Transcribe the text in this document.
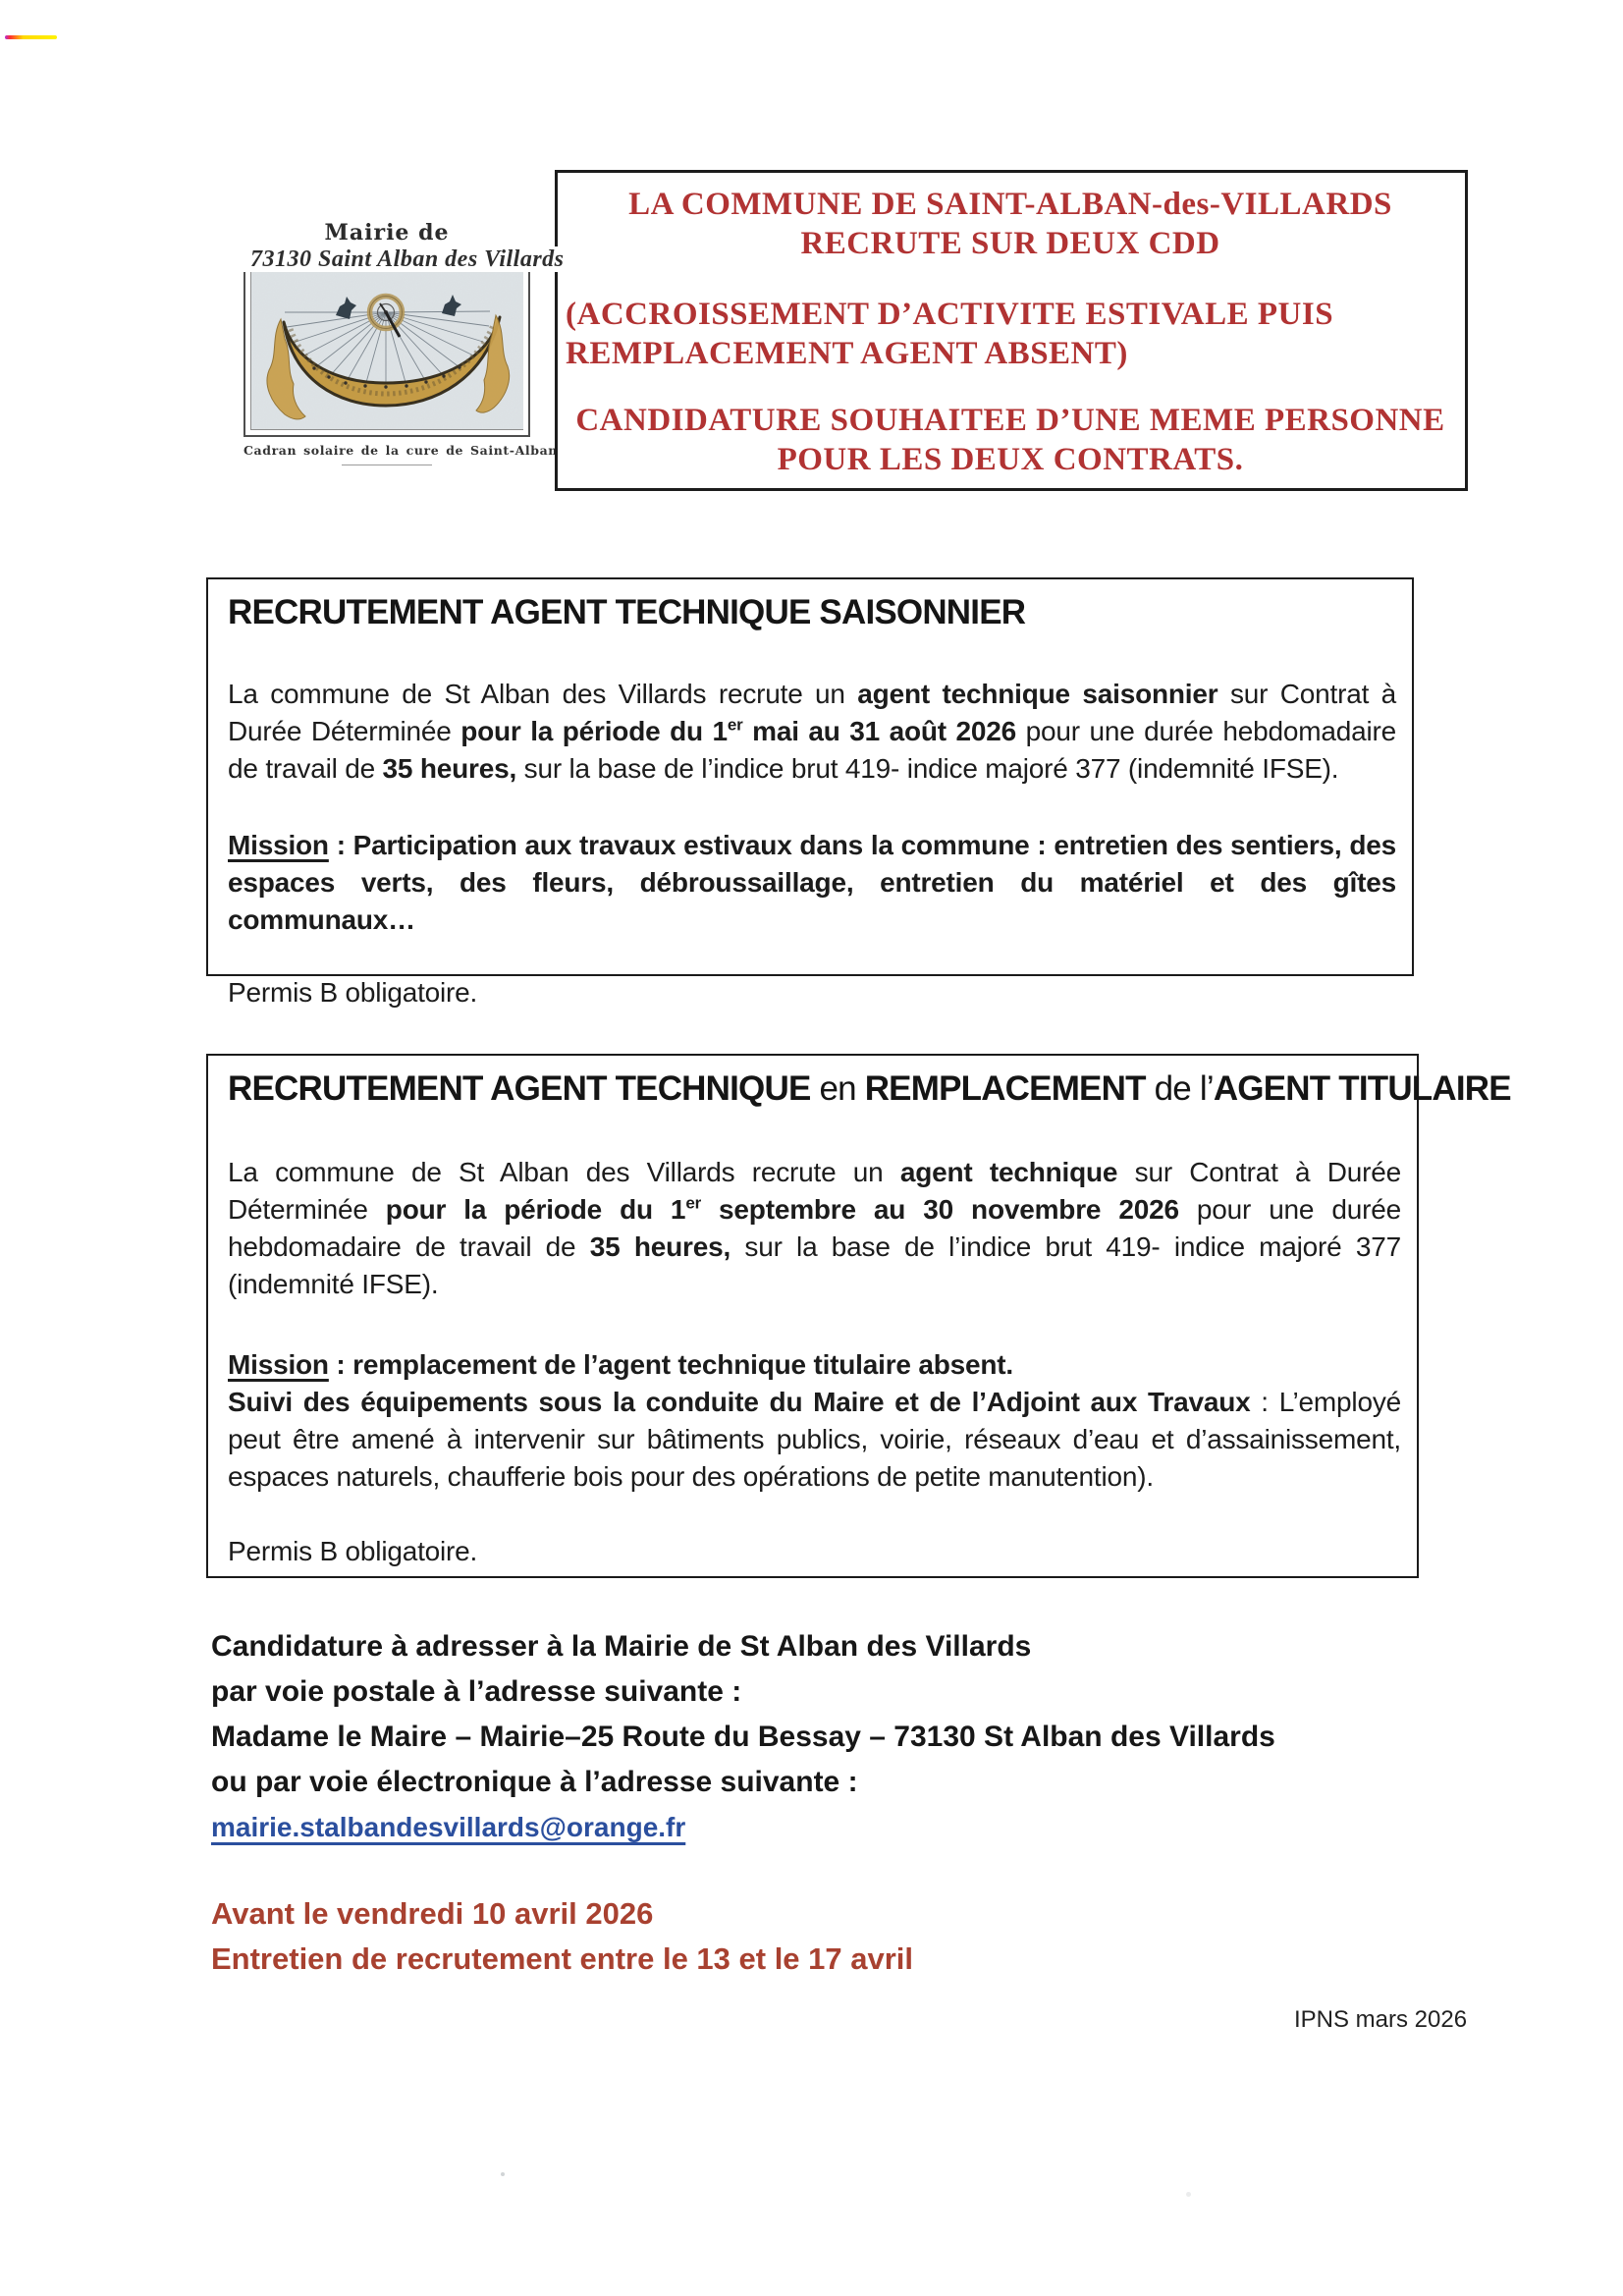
Mairie de
73130 Saint Alban des Villards
Cadran solaire de la cure de Saint-Alban
LA COMMUNE DE SAINT-ALBAN-des-VILLARDS
RECRUTE SUR DEUX CDD
(ACCROISSEMENT D’ACTIVITE ESTIVALE PUIS
REMPLACEMENT AGENT ABSENT)
CANDIDATURE SOUHAITEE D’UNE MEME PERSONNE
POUR LES DEUX CONTRATS.
RECRUTEMENT AGENT TECHNIQUE SAISONNIER

La commune de St Alban des Villards recrute un agent technique saisonnier sur Contrat à Durée Déterminée pour la période du 1er mai au 31 août 2026 pour une durée hebdomadaire de travail de 35 heures, sur la base de l’indice brut 419- indice majoré 377 (indemnité IFSE).

Mission : Participation aux travaux estivaux dans la commune : entretien des sentiers, des espaces verts, des fleurs, débroussaillage, entretien du matériel et des gîtes communaux…

Permis B obligatoire.

RECRUTEMENT AGENT TECHNIQUE en REMPLACEMENT de l’AGENT TITULAIRE

La commune de St Alban des Villards recrute un agent technique sur Contrat à Durée Déterminée pour la période du 1er septembre au 30 novembre 2026 pour une durée hebdomadaire de travail de 35 heures, sur la base de l’indice brut 419- indice majoré 377 (indemnité IFSE).

Mission : remplacement de l’agent technique titulaire absent.
Suivi des équipements sous la conduite du Maire et de l’Adjoint aux Travaux : L’employé peut être amené à intervenir sur bâtiments publics, voirie, réseaux d’eau et d’assainissement, espaces naturels, chaufferie bois pour des opérations de petite manutention).

Permis B obligatoire.

Candidature à adresser à la Mairie de St Alban des Villards
par voie postale à l’adresse suivante :
Madame le Maire – Mairie–25 Route du Bessay – 73130 St Alban des Villards
ou par voie électronique à l’adresse suivante :
mairie.stalbandesvillards@orange.fr
Avant le vendredi 10 avril 2026
Entretien de recrutement entre le 13 et le 17 avril
IPNS mars 2026
